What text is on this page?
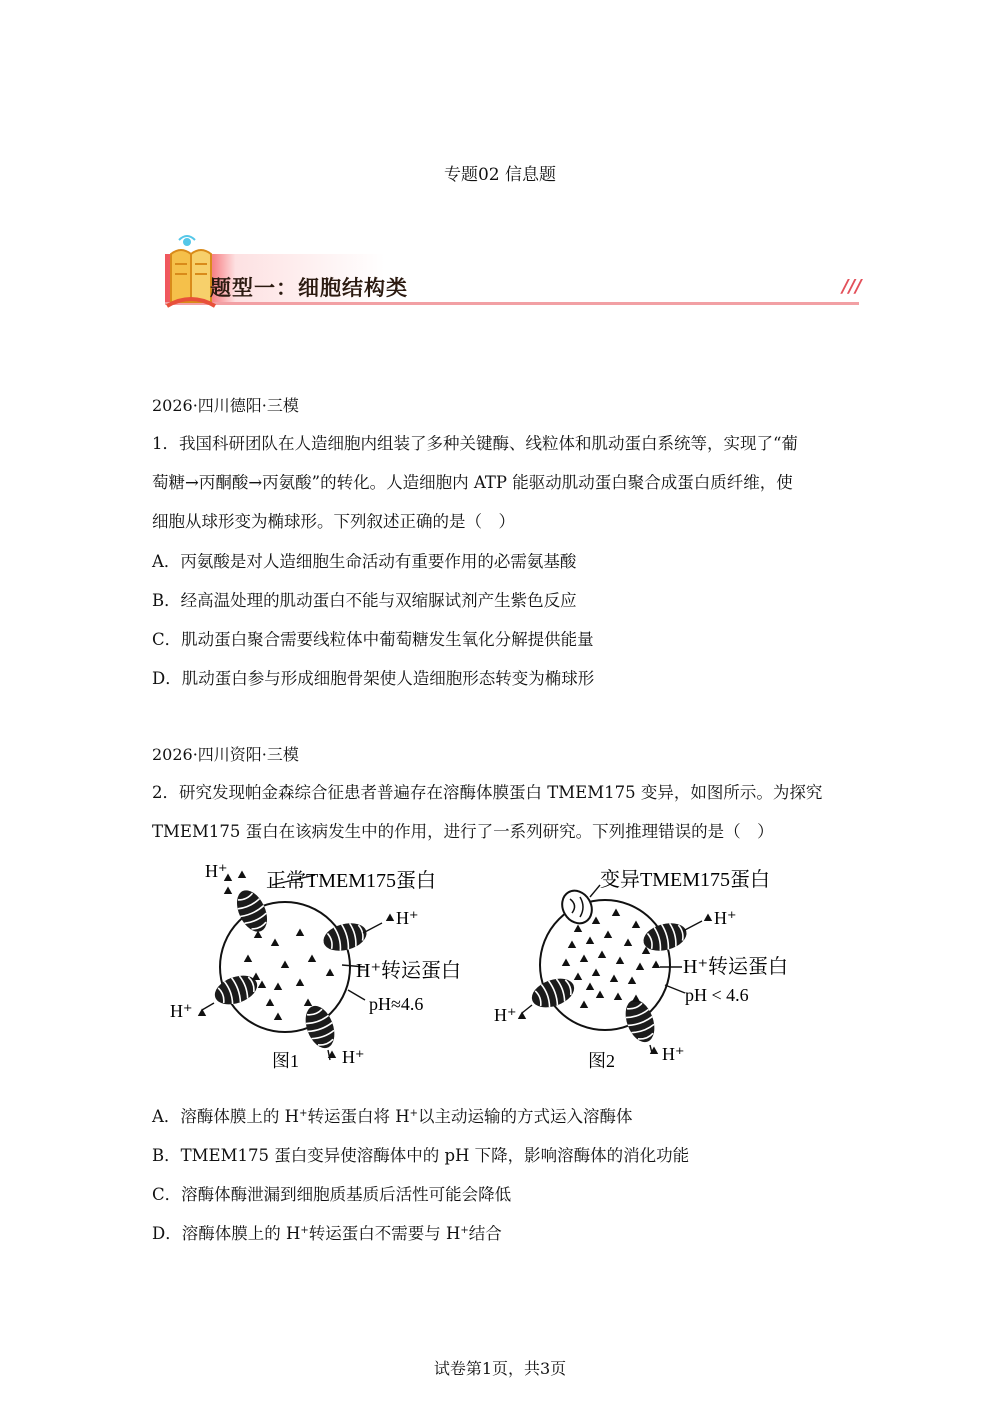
专题02 信息题
题型一：细胞结构类	///
2026·四川德阳·三模
1．我国科研团队在人造细胞内组装了多种关键酶、线粒体和肌动蛋白系统等，实现了“葡
萄糖→丙酮酸→丙氨酸”的转化。人造细胞内 ATP 能驱动肌动蛋白聚合成蛋白质纤维，使
细胞从球形变为椭球形。下列叙述正确的是（　）
A．丙氨酸是对人造细胞生命活动有重要作用的必需氨基酸
B．经高温处理的肌动蛋白不能与双缩脲试剂产生紫色反应
C．肌动蛋白聚合需要线粒体中葡萄糖发生氧化分解提供能量
D．肌动蛋白参与形成细胞骨架使人造细胞形态转变为椭球形
2026·四川资阳·三模
2．研究发现帕金森综合征患者普遍存在溶酶体膜蛋白 TMEM175 变异，如图所示。为探究
TMEM175 蛋白在该病发生中的作用，进行了一系列研究。下列推理错误的是（　）
H⁺ 正常TMEM175蛋白
H⁺
H⁺转运蛋白
pH≈4.6
H⁺
H⁺
图1
变异TMEM175蛋白
H⁺
H⁺转运蛋白
pH < 4.6
H⁺
H⁺
图2
A．溶酶体膜上的 H+转运蛋白将 H+以主动运输的方式运入溶酶体
B．TMEM175 蛋白变异使溶酶体中的 pH 下降，影响溶酶体的消化功能
C．溶酶体酶泄漏到细胞质基质后活性可能会降低
D．溶酶体膜上的 H+转运蛋白不需要与 H+结合
试卷第1页，共3页
